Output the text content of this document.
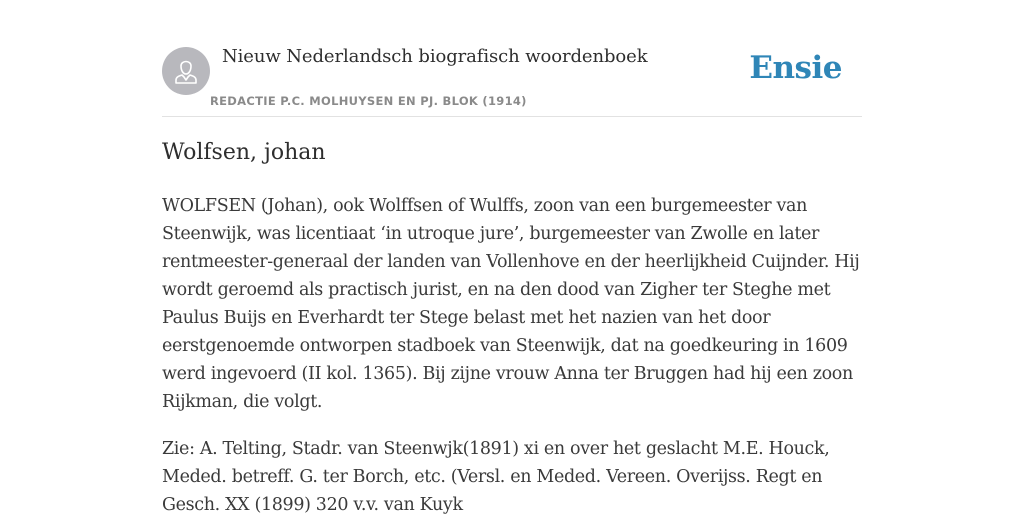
Nieuw Nederlandsch biografisch woordenboek
REDACTIE P.C. MOLHUYSEN EN PJ. BLOK (1914)
Ensie
Wolfsen, johan

WOLFSEN (Johan), ook Wolffsen of Wulffs, zoon van een burgemeester van Steenwijk, was licentiaat ‘in utroque jure’, burgemeester van Zwolle en later rentmeester-generaal der landen van Vollenhove en der heerlijkheid Cuijnder. Hij wordt geroemd als practisch jurist, en na den dood van Zigher ter Steghe met Paulus Buijs en Everhardt ter Stege belast met het nazien van het door eerstgenoemde ontworpen stadboek van Steenwijk, dat na goedkeuring in 1609 werd ingevoerd (II kol. 1365). Bij zijne vrouw Anna ter Bruggen had hij een zoon Rijkman, die volgt.

Zie: A. Telting, Stadr. van Steenwjk(1891) xi en over het geslacht M.E. Houck, Meded. betreff. G. ter Borch, etc. (Versl. en Meded. Vereen. Overijss. Regt en Gesch. XX (1899) 320 v.v. van Kuyk
